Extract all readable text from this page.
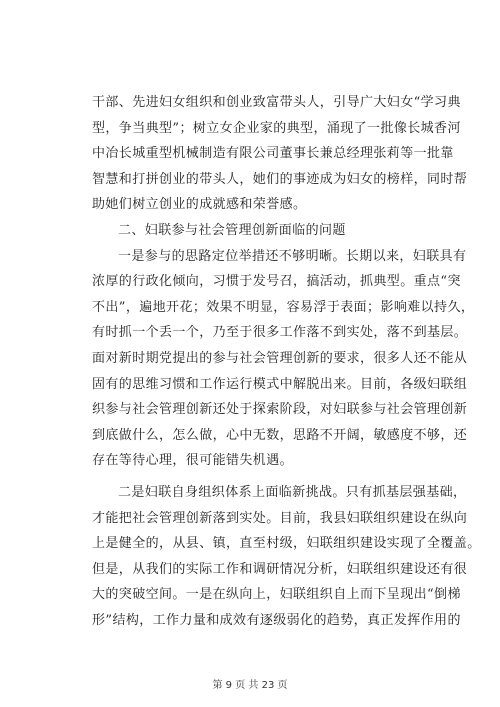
干部、先进妇女组织和创业致富带头人，引导广大妇女“学习典
型，争当典型”；树立女企业家的典型，涌现了一批像长城香河
中冶长城重型机械制造有限公司董事长兼总经理张莉等一批靠
智慧和打拼创业的带头人，她们的事迹成为妇女的榜样，同时帮
助她们树立创业的成就感和荣誉感。
二、妇联参与社会管理创新面临的问题
一是参与的思路定位举措还不够明晰。长期以来，妇联具有
浓厚的行政化倾向，习惯于发号召，搞活动，抓典型。重点“突
不出”，遍地开花；效果不明显，容易浮于表面；影响难以持久，
有时抓一个丢一个，乃至于很多工作落不到实处，落不到基层。
面对新时期党提出的参与社会管理创新的要求，很多人还不能从
固有的思维习惯和工作运行模式中解脱出来。目前，各级妇联组
织参与社会管理创新还处于探索阶段，对妇联参与社会管理创新
到底做什么，怎么做，心中无数，思路不开阔，敏感度不够，还
存在等待心理，很可能错失机遇。
二是妇联自身组织体系上面临新挑战。只有抓基层强基础，
才能把社会管理创新落到实处。目前，我县妇联组织建设在纵向
上是健全的，从县、镇，直至村级，妇联组织建设实现了全覆盖。
但是，从我们的实际工作和调研情况分析，妇联组织建设还有很
大的突破空间。一是在纵向上，妇联组织自上而下呈现出“倒梯
形”结构，工作力量和成效有逐级弱化的趋势，真正发挥作用的
第 9 页 共 23 页
